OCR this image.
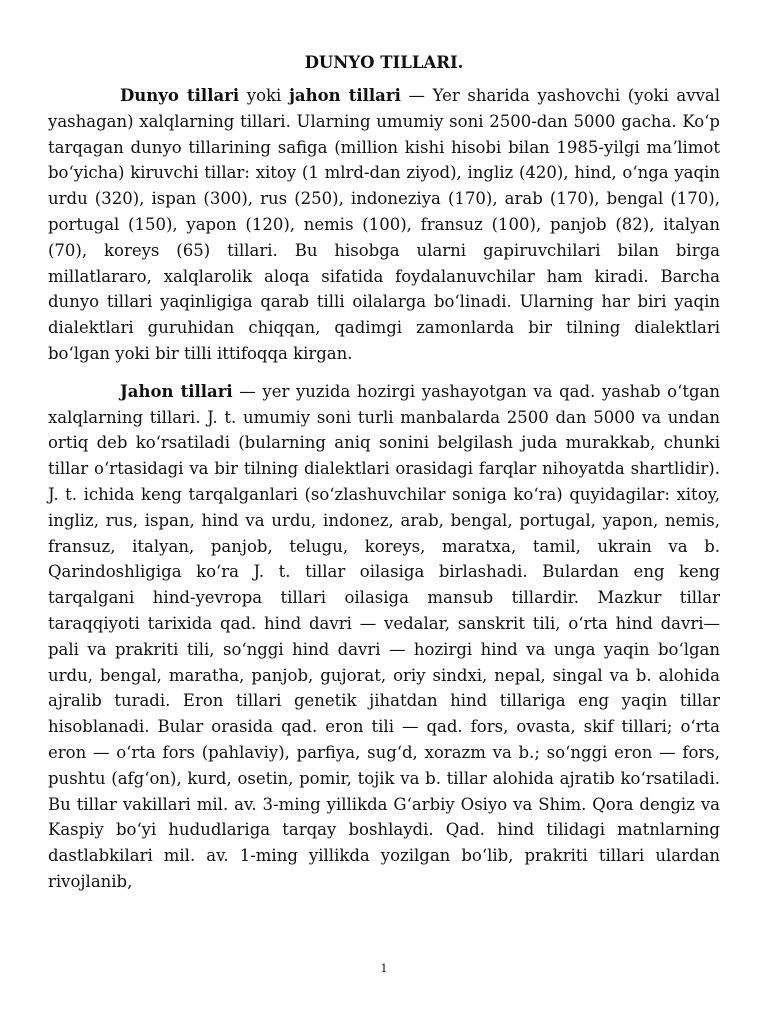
DUNYO TILLARI.

Dunyo tillari yoki jahon tillari — Yer sharida yashovchi (yoki avval yashagan) xalqlarning tillari. Ularning umumiy soni 2500-dan 5000 gacha. Koʻp tarqagan dunyo tillarining safiga (million kishi hisobi bilan 1985-yilgi maʼlimot boʻyicha) kiruvchi tillar: xitoy (1 mlrd-dan ziyod), ingliz (420), hind, oʻnga yaqin urdu (320), ispan (300), rus (250), indoneziya (170), arab (170), bengal (170), portugal (150), yapon (120), nemis (100), fransuz (100), panjob (82), italyan (70), koreys (65) tillari. Bu hisobga ularni gapiruvchilari bilan birga millatlararo, xalqlarolik aloqa sifatida foydalanuvchilar ham kiradi. Barcha dunyo tillari yaqinligiga qarab tilli oilalarga boʻlinadi. Ularning har biri yaqin dialektlari guruhidan chiqqan, qadimgi zamonlarda bir tilning dialektlari boʻlgan yoki bir tilli ittifoqqa kirgan.

Jahon tillari — yer yuzida hozirgi yashayotgan va qad. yashab oʻtgan xalqlarning tillari. J. t. umumiy soni turli manbalarda 2500 dan 5000 va undan ortiq deb koʻrsatiladi (bularning aniq sonini belgilash juda murakkab, chunki tillar oʻrtasidagi va bir tilning dialektlari orasidagi farqlar nihoyatda shartlidir). J. t. ichida keng tarqalganlari (soʻzlashuvchilar soniga koʻra) quyidagilar: xitoy, ingliz, rus, ispan, hind va urdu, indonez, arab, bengal, portugal, yapon, nemis, fransuz, italyan, panjob, telugu, koreys, maratxa, tamil, ukrain va b. Qarindoshligiga koʻra J. t. tillar oilasiga birlashadi. Bulardan eng keng tarqalgani hind-yevropa tillari oilasiga mansub tillardir. Mazkur tillar taraqqiyoti tarixida qad. hind davri — vedalar, sanskrit tili, oʻrta hind davri— pali va prakriti tili, soʻnggi hind davri — hozirgi hind va unga yaqin boʻlgan urdu, bengal, maratha, panjob, gujorat, oriy sindxi, nepal, singal va b. alohida ajralib turadi. Eron tillari genetik jihatdan hind tillariga eng yaqin tillar hisoblanadi. Bular orasida qad. eron tili — qad. fors, ovasta, skif tillari; oʻrta eron — oʻrta fors (pahlaviy), parfiya, sugʻd, xorazm va b.; soʻnggi eron — fors, pushtu (afgʻon), kurd, osetin, pomir, tojik va b. tillar alohida ajratib koʻrsatiladi. Bu tillar vakillari mil. av. 3-ming yillikda Gʻarbiy Osiyo va Shim. Qora dengiz va Kaspiy boʻyi hududlariga tarqay boshlaydi. Qad. hind tilidagi matnlarning dastlabkilari mil. av. 1-ming yillikda yozilgan boʻlib, prakriti tillari ulardan rivojlanib,

1
